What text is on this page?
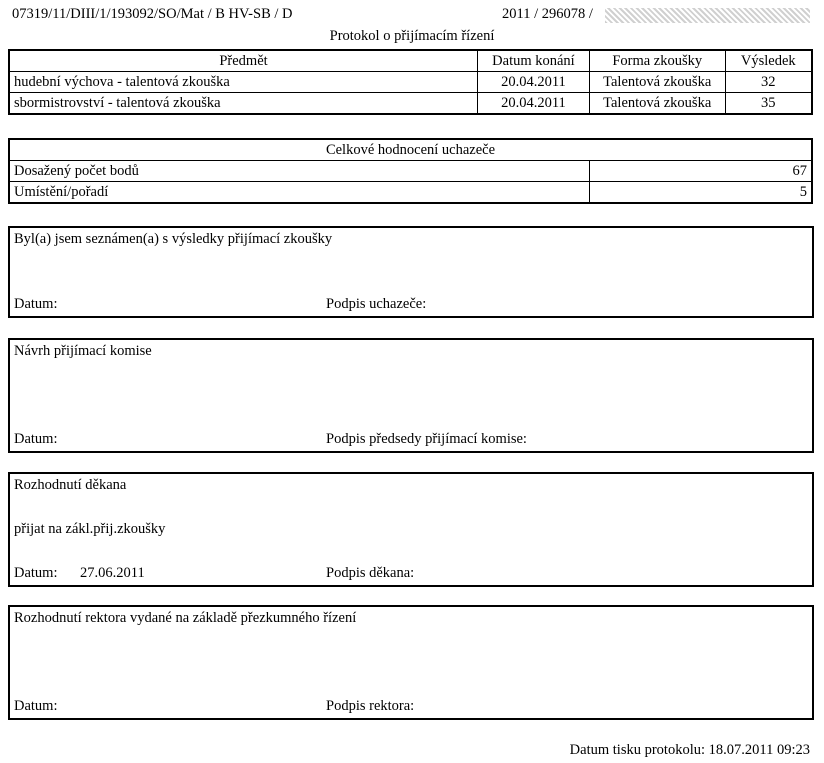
07319/11/DIII/1/193092/SO/Mat / B HV-SB / D	2011 / 296078 /
Protokol o přijímacím řízení
Předmět	Datum konání	Forma zkoušky	Výsledek
hudební výchova - talentová zkouška	20.04.2011	Talentová zkouška	32
sbormistrovství - talentová zkouška	20.04.2011	Talentová zkouška	35
Celkové hodnocení uchazeče	
Dosažený počet bodů	67
Umístění/pořadí	5
Byl(a) jsem seznámen(a) s výsledky přijímací zkoušky
Datum:	Podpis uchazeče:
Návrh přijímací komise
Datum:	Podpis předsedy přijímací komise:
Rozhodnutí děkana
přijat na zákl.přij.zkoušky
Datum: 27.06.2011	Podpis děkana:
Rozhodnutí rektora vydané na základě přezkumného řízení
Datum:	Podpis rektora:
Datum tisku protokolu: 18.07.2011 09:23
